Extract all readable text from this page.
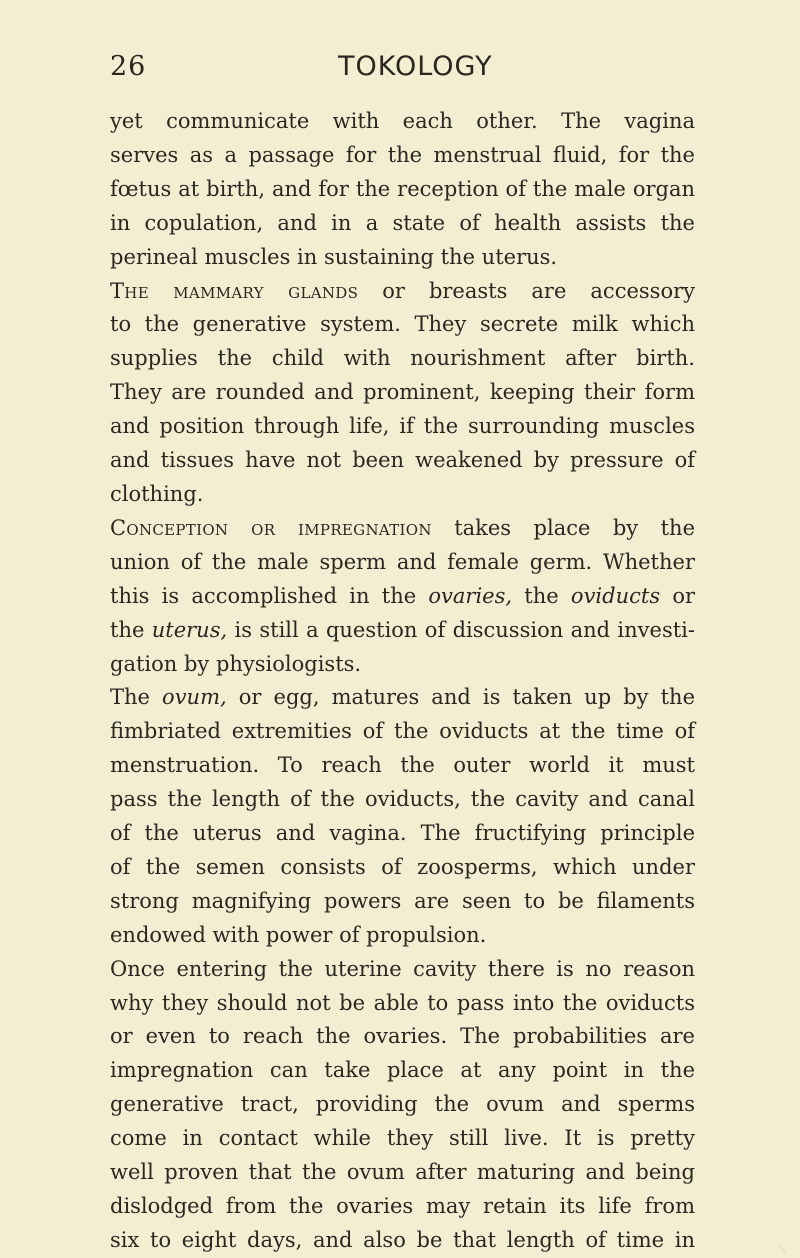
26	TOKOLOGY
yet communicate with each other. The vagina
serves as a passage for the menstrual fluid, for the
fœtus at birth, and for the reception of the male organ
in copulation, and in a state of health assists the
perineal muscles in sustaining the uterus.
The mammary glands or breasts are accessory
to the generative system. They secrete milk which
supplies the child with nourishment after birth.
They are rounded and prominent, keeping their form
and position through life, if the surrounding muscles
and tissues have not been weakened by pressure of
clothing.
Conception or impregnation takes place by the
union of the male sperm and female germ. Whether
this is accomplished in the ovaries, the oviducts or
the uterus, is still a question of discussion and investi-
gation by physiologists.
The ovum, or egg, matures and is taken up by the
fimbriated extremities of the oviducts at the time of
menstruation. To reach the outer world it must
pass the length of the oviducts, the cavity and canal
of the uterus and vagina. The fructifying principle
of the semen consists of zoosperms, which under
strong magnifying powers are seen to be filaments
endowed with power of propulsion.
Once entering the uterine cavity there is no reason
why they should not be able to pass into the oviducts
or even to reach the ovaries. The probabilities are
impregnation can take place at any point in the
generative tract, providing the ovum and sperms
come in contact while they still live. It is pretty
well proven that the ovum after maturing and being
dislodged from the ovaries may retain its life from
six to eight days, and also be that length of time in
